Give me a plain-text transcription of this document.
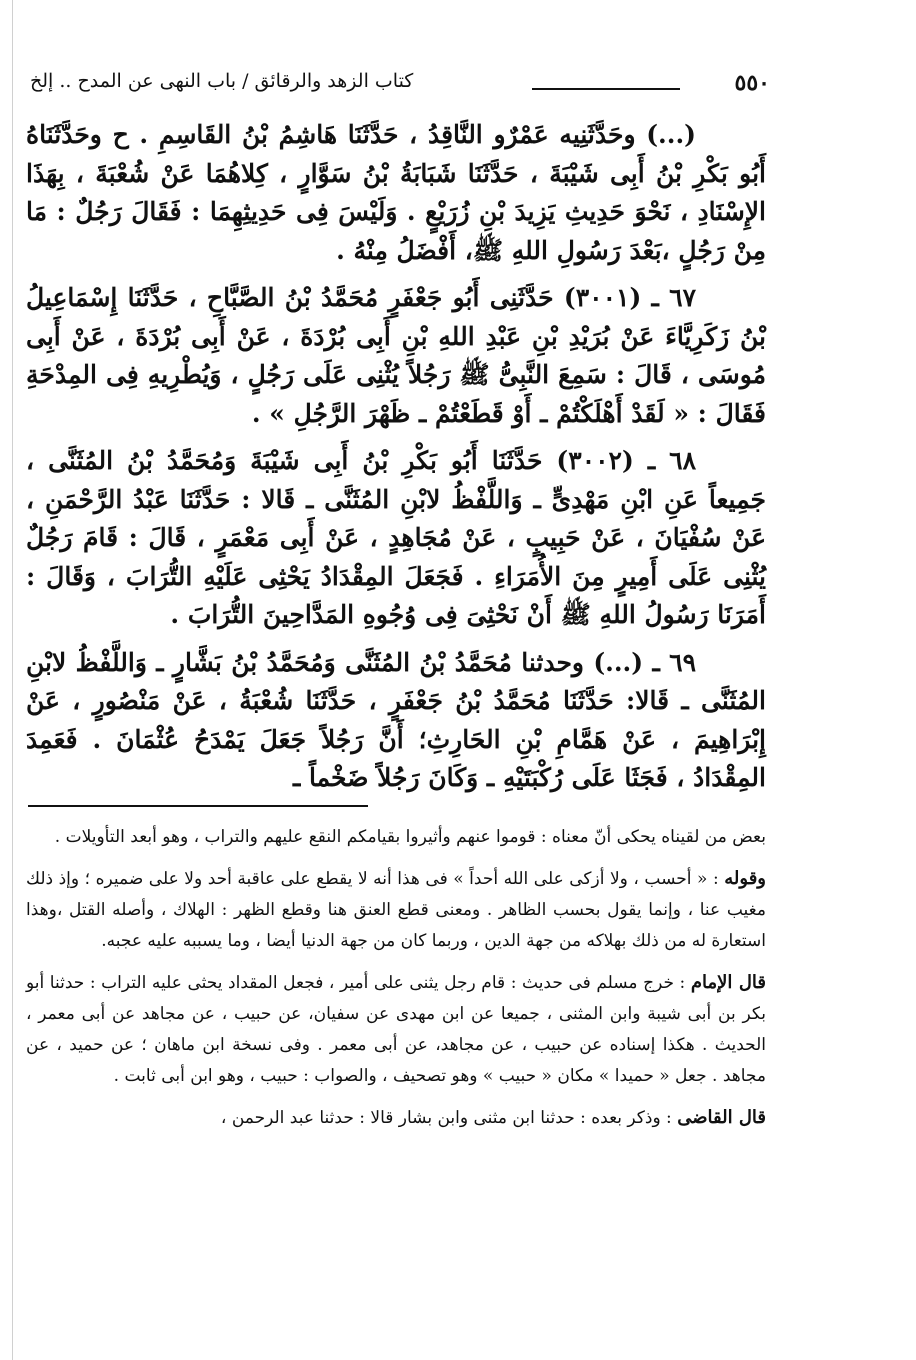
٥٥٠
كتاب الزهد والرقائق / باب النهى عن المدح .. إلخ

(...) وحَدَّثَنِيه عَمْرٌو النَّاقِدُ ، حَدَّثَنَا هَاشِمُ بْنُ القَاسِمِ . ح وحَدَّثَنَاهُ أَبُو بَكْرِ بْنُ أَبِى شَيْبَةَ ، حَدَّثَنَا شَبَابَةُ بْنُ سَوَّارٍ ، كِلاهُمَا عَنْ شُعْبَةَ ، بِهَذَا الإِسْنَادِ ، نَحْوَ حَدِيثِ يَزِيدَ بْنِ زُرَيْعٍ . وَلَيْسَ فِى حَدِيثِهِمَا : فَقَالَ رَجُلٌ : مَا مِنْ رَجُلٍ ،بَعْدَ رَسُولِ اللهِ ﷺ، أَفْضَلُ مِنْهُ .

٦٧ ـ (٣٠٠١) حَدَّثَنِى أَبُو جَعْفَرٍ مُحَمَّدُ بْنُ الصَّبَّاحِ ، حَدَّثَنَا إِسْمَاعِيلُ بْنُ زَكَرِيَّاءَ عَنْ بُرَيْدِ بْنِ عَبْدِ اللهِ بْنِ أَبِى بُرْدَةَ ، عَنْ أَبِى بُرْدَةَ ، عَنْ أَبِى مُوسَى ، قَالَ : سَمِعَ النَّبِىُّ ﷺ رَجُلاً يُثْنِى عَلَى رَجُلٍ ، وَيُطْرِيهِ فِى المِدْحَةِ فَقَالَ : « لَقَدْ أَهْلَكْتُمْ ـ أَوْ قَطَعْتُمْ ـ ظَهْرَ الرَّجُلِ » .

٦٨ ـ (٣٠٠٢) حَدَّثَنَا أَبُو بَكْرِ بْنُ أَبِى شَيْبَةَ وَمُحَمَّدُ بْنُ المُثَنَّى ، جَمِيعاً عَنِ ابْنِ مَهْدِىٍّ ـ وَاللَّفْظُ لابْنِ المُثَنَّى ـ قَالا : حَدَّثَنَا عَبْدُ الرَّحْمَنِ ، عَنْ سُفْيَانَ ، عَنْ حَبِيبٍ ، عَنْ مُجَاهِدٍ ، عَنْ أَبِى مَعْمَرٍ ، قَالَ : قَامَ رَجُلٌ يُثْنِى عَلَى أَمِيرٍ مِنَ الأُمَرَاءِ . فَجَعَلَ المِقْدَادُ يَحْثِى عَلَيْهِ التُّرَابَ ، وَقَالَ : أَمَرَنَا رَسُولُ اللهِ ﷺ أَنْ نَحْثِىَ فِى وُجُوهِ المَدَّاحِينَ التُّرَابَ .

٦٩ ـ (...) وحدثنا مُحَمَّدُ بْنُ المُثَنَّى وَمُحَمَّدُ بْنُ بَشَّارٍ ـ وَاللَّفْظُ لابْنِ المُثَنَّى ـ قَالا: حَدَّثَنَا مُحَمَّدُ بْنُ جَعْفَرٍ ، حَدَّثَنَا شُعْبَةُ ، عَنْ مَنْصُورٍ ، عَنْ إِبْرَاهِيمَ ، عَنْ هَمَّامِ بْنِ الحَارِثِ؛ أَنَّ رَجُلاً جَعَلَ يَمْدَحُ عُثْمَانَ . فَعَمِدَ المِقْدَادُ ، فَجَثَا عَلَى رُكْبَتَيْهِ ـ وَكَانَ رَجُلاً ضَخْماً ـ

بعض من لقيناه يحكى أنّ معناه : قوموا عنهم وأثيروا بقيامكم النقع عليهم والتراب ، وهو أبعد التأويلات .

وقوله : « أحسب ، ولا أزكى على الله أحداً » فى هذا أنه لا يقطع على عاقبة أحد ولا على ضميره ؛ وإذ ذلك مغيب عنا ، وإنما يقول بحسب الظاهر . ومعنى قطع العنق هنا وقطع الظهر : الهلاك ، وأصله القتل ،وهذا استعارة له من ذلك بهلاكه من جهة الدين ، وربما كان من جهة الدنيا أيضا ، وما يسببه عليه عجبه.

قال الإمام : خرج مسلم فى حديث : قام رجل يثنى على أمير ، فجعل المقداد يحثى عليه التراب : حدثنا أبو بكر بن أبى شيبة وابن المثنى ، جميعا عن ابن مهدى عن سفيان، عن حبيب ، عن مجاهد عن أبى معمر ، الحديث . هكذا إسناده عن حبيب ، عن مجاهد، عن أبى معمر . وفى نسخة ابن ماهان ؛ عن حميد ، عن مجاهد . جعل « حميدا » مكان « حبيب » وهو تصحيف ، والصواب : حبيب ، وهو ابن أبى ثابت .

قال القاضى : وذكر بعده : حدثنا ابن مثنى وابن بشار قالا : حدثنا عبد الرحمن ،
